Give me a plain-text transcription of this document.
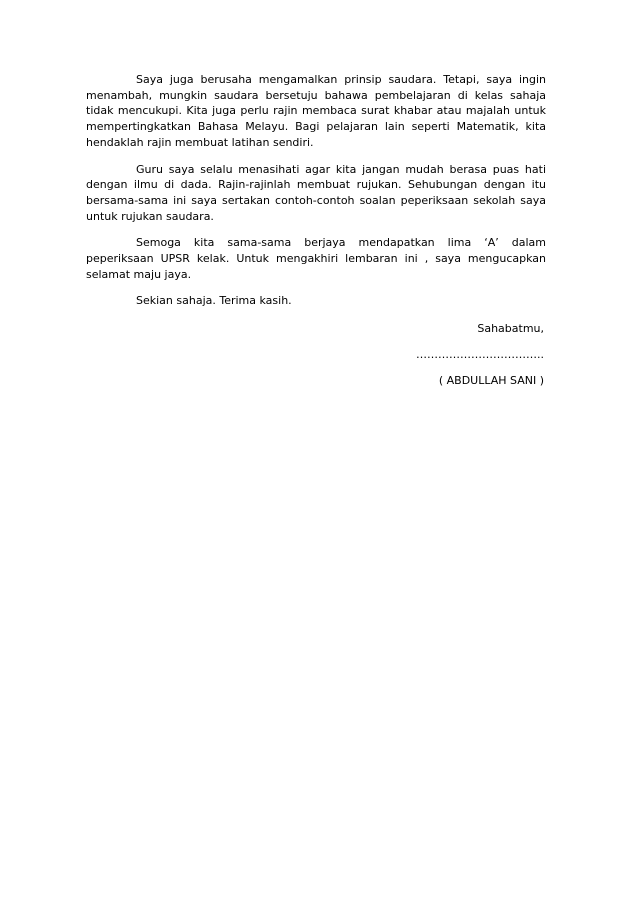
Saya juga berusaha mengamalkan prinsip saudara. Tetapi, saya ingin menambah, mungkin saudara bersetuju bahawa pembelajaran di kelas sahaja tidak mencukupi. Kita juga perlu rajin membaca surat khabar atau majalah untuk mempertingkatkan Bahasa Melayu. Bagi pelajaran lain seperti Matematik, kita hendaklah rajin membuat latihan sendiri.

Guru saya selalu menasihati agar kita jangan mudah berasa puas hati dengan ilmu di dada. Rajin-rajinlah membuat rujukan. Sehubungan dengan itu bersama-sama ini saya sertakan contoh-contoh soalan peperiksaan sekolah saya untuk rujukan saudara.

Semoga kita sama-sama berjaya mendapatkan lima ‘A’ dalam peperiksaan UPSR kelak. Untuk mengakhiri lembaran ini , saya mengucapkan selamat maju jaya.

Sekian sahaja. Terima kasih.

Sahabatmu,

……………………………..

( ABDULLAH SANI )
